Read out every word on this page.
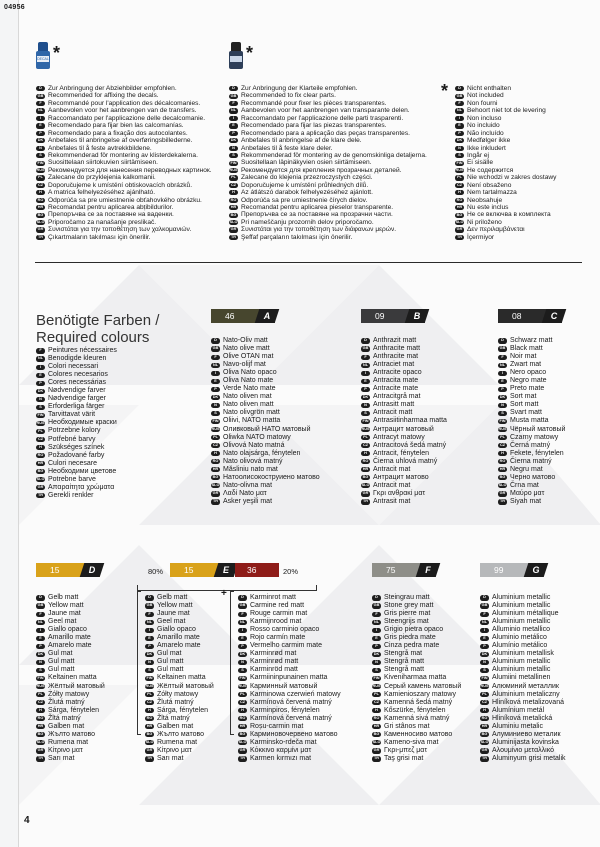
04956
DECAL SET
*	*
*
D Zur Anbringung der Abziehbilder empfohlen.
GB Recommended for affixing the decals.
F Recommandé pour l'application des décalcomanies.
NL Aanbevolen voor het aanbrengen van de transfers.
I	Raccomandato per l'applicazione delle decalcomanie.
E Recomendado para fijar bien las calcomanías.
P Recomendado para a fixação dos autocolantes.
DK Anbefales til anbringelse af overføringsbillederne.
N Anbefales til å feste avtrekkbildene.
S Rekommenderad för montering av klisterdekalerna.
FIN Suosittelaan siirtokuvien siirtämiseen.
RUS Рекомендуется для нанесения переводных картинок.
PL Zalecane do przyklejenia kalkomanii.
CZ Doporučujeme k umístění obtiskovacích obrázků.
H A matrica felhelyezéséhez ajánlható.
RO Odporúča sa pre umiestnenie obťahovkého obrázku.
HR Recomandat pentru aplicarea abțibildurilor.
BG Препоръчва се за поставяне на ваденки.
SLO Priporočamo za nanašanje preslikač.
GR Συνιστάται για την τοποθέτηση των χαλκομανιών.
TR Çıkartmaların takılması için önerilir.
D Zur Anbringung der Klarteile empfohlen.
GB Recommended to fix clear parts.
F Recommandé pour fixer les pièces transparentes.
NL Aanbevolen voor het aanbrengen van transparante delen.
I	Raccomandato per l'applicazione delle parti trasparenti.
E Recomendado para fijar las piezas transparentes.
P Recomendado para a aplicação das peças transparentes.
DK Anbefales til anbringelse af de klare dele.
N Anbefales til å feste klare deler.
S Rekommenderad för montering av de genomskinliga detaljerna.
FIN Suositellaan läpinäkyvien osien siirtämiseen.
RUS Рекомендуется для крепления прозрачных деталей.
PL Zalecane do klejenia przezroczystych części.
CZ Doporučujeme k umístění průhledných dílů.
H Az átlátszó darabok felhelyezéséhez ajánlott.
RO Odporúča sa pre umiestnenie čírych dielov.
HR Recomandat pentru aplicarea pieselor transparente.
BG Препоръчва се за поставяне на прозрачни части.
SLO Pri nameščanju prozornih delov priporočamo.
GR Συνιστάται για την τοποθέτηση των διάφανων μερών.
TR Şeffaf parçaların takılması için önerilir.
D Nicht enthalten
GB Not included
F Non fourni
NL Behoort niet tot de levering
I	Non incluso
E No incluido
P Não incluído
DK Medfølger ikke
N Ikke inkludert
S Ingår ej
FIN Ei sisälle
RUS Не содержится
PL Nie wchodzi w zakres dostawy
CZ Není obsaženo
H Nem tartalmazza
RO Neobsahuje
HR Nu este inclus
BG Не се включва в комплекта
SLO Ni priloženo
GR Δεν περιλαμβάνεται
TR İçermiyor
Benötigte Farben /
Required colours
F Peintures nécessaires
NL Benodigde kleuren
I Colori necessari
E Colores necesarios
P Cores necessárias
DK Nødvendige farver
N Nødvendige farger
S Erforderliga färger
FIN Tarvittavat värit
RUS Необходимые краски
PL Potrzebne kolory
CZ Potřebné barvy
H Szükséges színek
RO Požadované farby
HR Culori necesare
BG Необходими цветове
SLO Potrebne barve
GR Απαραίτητα χρώματα
TR Gerekli renkler
46	A
D Nato-Oliv matt
GB Nato olive matt
F Olive OTAN mat
NL Navo-olijf mat
I Oliva Nato opaco
E Oliva Nato mate
P Verde Nato mate
DK Nato oliven mat
N Nato oliven matt
S Nato olivgrön matt
FIN Oliivi, NATO matta
RUS Оливковый НАТО матовый
PL Oliwka NATO matowy
CZ Olivová Nato matná
H Nato olajsárga, fénytelen
RO Nato olivová matný
HR Măsliniu nato mat
BG Натоолисокоструиено матово
SLO Nato-olivna mat
GR Λαδί Nato ματ
TR Asker yeşili mat
09	B
D Anthrazit matt
GB Anthracite matt
F Anthracite mat
NL Antraciet mat
I Antracite opaco
E Antracita mate
P Antracite mate
DK Antracitgrå mat
N Antrasitt matt
S Antracit matt
FIN Antrasiitinharmaa matta
RUS Антрацит матовый
PL Antracyt matowy
CZ Antracitová šedá matný
H Antracit, fénytelen
RO Čierna uhlová matný
HR Antracit mat
BG Антрацит матово
SLO Antracit mat
GR Γκρι ανθρακί ματ
TR Antrasit mat
08	C
D Schwarz matt
GB Black matt
F Noir mat
NL Zwart mat
I Nero opaco
E Negro mate
P Preto mate
DK Sort mat
N Sort matt
S Svart matt
FIN Musta matta
RUS Чёрный матовый
PL Czarny matowy
CZ Černá matný
H Fekete, fénytelen
RO Čierna matný
HR Negru mat
BG Черно матово
SLO Črna mat
GR Μαύρο ματ
TR Siyah mat
15	D
D Gelb matt
GB Yellow matt
F Jaune mat
NL Geel mat
I Giallo opaco
E Amarillo mate
P Amarelo mate
DK Gul mat
N Gul matt
S Gul matt
FIN Keltainen matta
RUS Жёлтый матовый
PL Żółty matowy
CZ Žlutá matný
H Sárga, fénytelen
RO Žltá matný
HR Galben mat
BG Жълто матово
SLO Rumena mat
GR Κίτρινο ματ
TR Sarı mat
15	E	36
D Karminrot matt
GB Carmine red matt
F Rouge carmin mat
NL Karmijnrood mat
I Rosso carminio opaco
E Rojo carmín mate
P Vermelho carmim mate
DK Karminrød mat
N Karminrød matt
S Karminröd matt
FIN Karmiininpunainen matta
RUS Карминный матовый
PL Karminowa czerwień matowy
CZ Karmínová červená matný
H Karminpiros, fénytelen
RO Karmínová červená matný
HR Roșu-carmin mat
BG Карминовочервено матово
SLO Karminsko-rdeča mat
GR Κόκκινο καρμίνι ματ
TR Karmen kırmızı mat
75	F
D Steingrau matt
GB Stone grey matt
F Gris pierre mat
NL Steengrijs mat
I Grigio pietra opaco
E Gris piedra mate
P Cinza pedra mate
DK Stengrå mat
N Stengrå matt
S Stengrå matt
FIN Kiveniharmaa matta
RUS Серый камень матовый
PL Kamienioszary matowy
CZ Kamenná šedá matný
H Kőszürke, fénytelen
RO Kamenná sivá matný
HR Gri stânos mat
BG Каменносиво матово
SLO Kameno-siva mat
GR Γκρι-μπεζ ματ
TR Taş grisi mat
99	G
D Aluminium metallic
GB Aluminium metallic
F Aluminium métallique
NL Aluminium metallic
I Alluminio metallico
E Aluminio metálico
P Alumínio metálico
DK Aluminium metallisk
N Aluminium metallic
S Aluminium metallic
FIN Alumiini metallinen
RUS Алюминий металлик
PL Aluminium metaliczny
CZ Hliníková metalizovaná
H Alumínium metál
RO Hliníková metalická
HR Aluminiu metalic
BG Алуминиево металик
SLO Aluminijasta kovinska
GR Αλουμίνιο μεταλλικό
TR Aluminyum grisi metalik
D Gelb matt
GB Yellow matt
F Jaune mat
NL Geel mat
I Giallo opaco
E Amarillo mate
P Amarelo mate
DK Gul mat
N Gul matt
S Gul matt
FIN Keltainen matta
RUS Жёлтый матовый
PL Żółty matowy
CZ Žlutá matný
H Sárga, fénytelen
RO Žltá matný
HR Galben mat
BG Жълто матово
SLO Rumena mat
GR Κίτρινο ματ
TR Sarı mat
80%	20%
+
4
